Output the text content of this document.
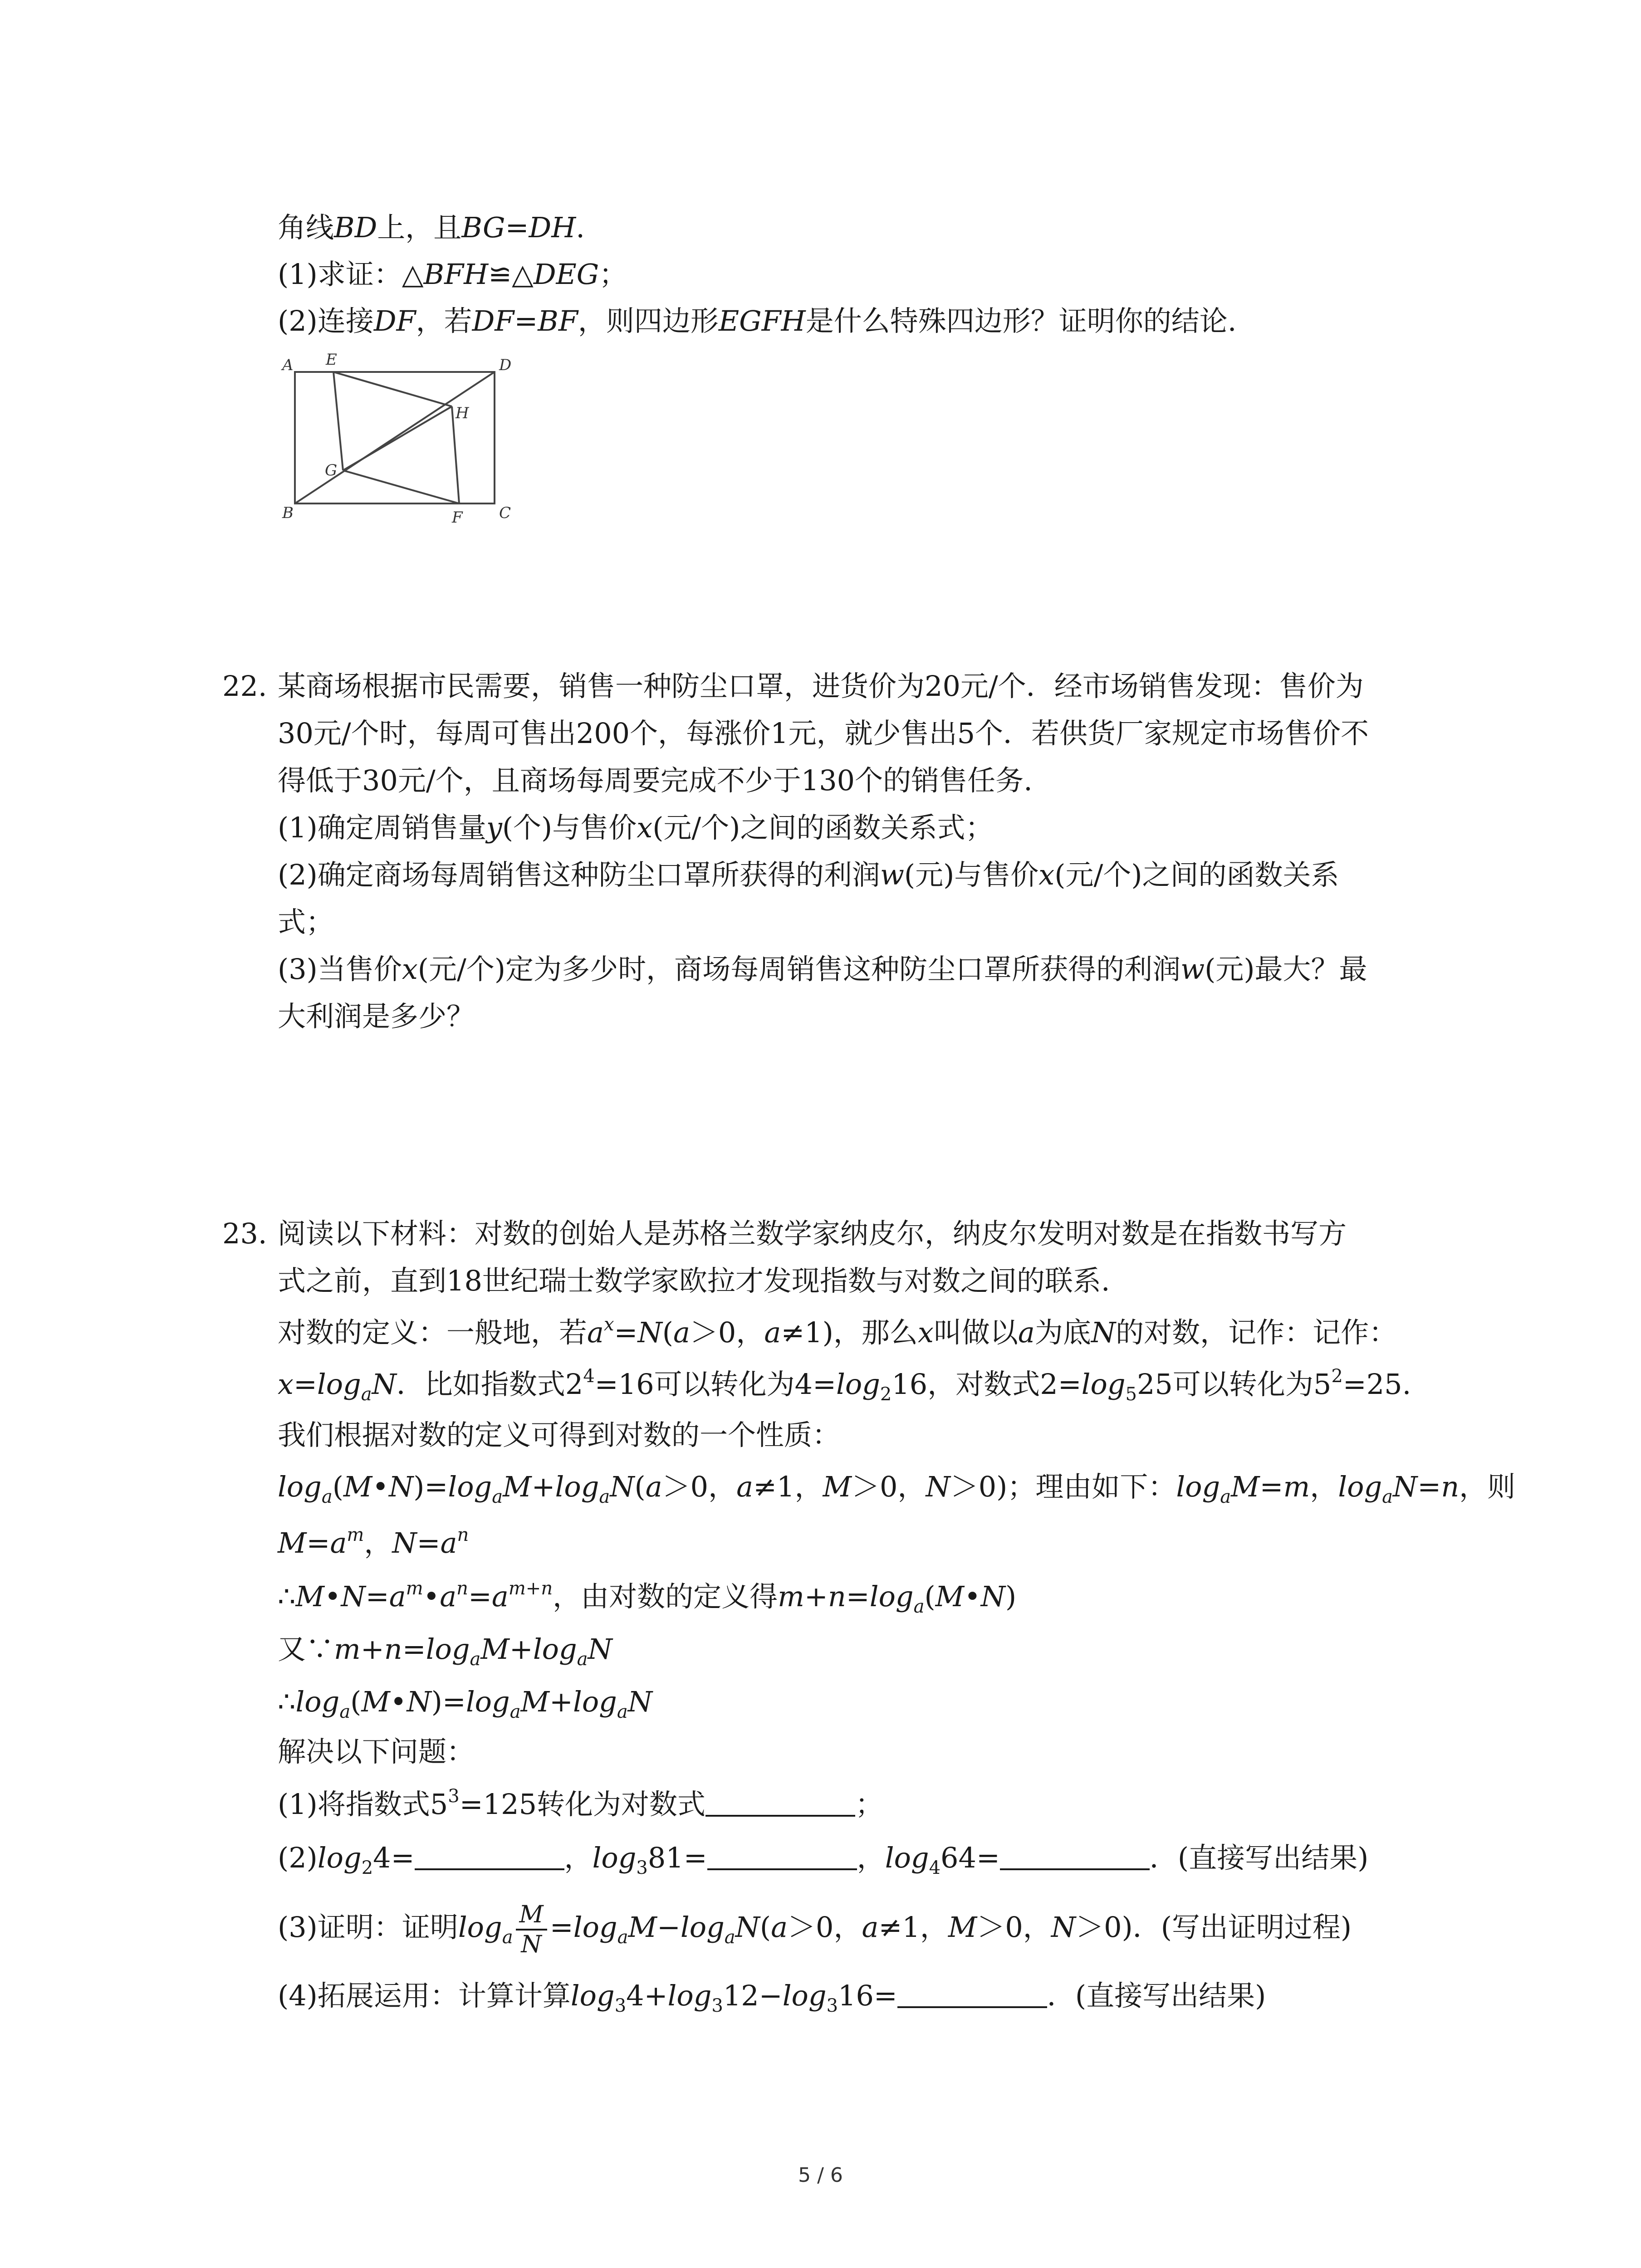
角线BD上，且BG=DH.
(1)求证：△BFH≌△DEG；
(2)连接DF，若DF=BF，则四边形EGFH是什么特殊四边形？证明你的结论.
A E	D
H
G
B	F C
22. 某商场根据市民需要，销售一种防尘口罩，进货价为20元/个．经市场销售发现：售价为
30元/个时，每周可售出200个，每涨价1元，就少售出5个．若供货厂家规定市场售价不
得低于30元/个，且商场每周要完成不少于130个的销售任务.
(1)确定周销售量y(个)与售价x(元/个)之间的函数关系式；
(2)确定商场每周销售这种防尘口罩所获得的利润w(元)与售价x(元/个)之间的函数关系
式；
(3)当售价x(元/个)定为多少时，商场每周销售这种防尘口罩所获得的利润w(元)最大？最
大利润是多少？
23. 阅读以下材料：对数的创始人是苏格兰数学家纳皮尔，纳皮尔发明对数是在指数书写方
式之前，直到18世纪瑞士数学家欧拉才发现指数与对数之间的联系.
对数的定义：一般地，若$a^x=N(a>0$，a≠1)，那么x叫做以a为底N的对数，记作：记作：
$x=\log_aN$．比如指数式$2^4=16$可以转化为$4=\log_216$，对数式$2=\log_525$可以转化为$5^2=25$.
我们根据对数的定义可得到对数的一个性质：
$\log_a(M•N)=\log_aM+\log_aN(a>0$，a≠1，M＞0，N＞0)；理由如下：$\log_aM=m$，$\log_aN=n$，则
$M=a^m$，$N=a^n$
$\therefore M•N=a^m•a^n=a^{m+n}$，由对数的定义得$m+n=\log_a(M•N)$
又$\because m+n=\log_aM+\log_aN$
$\therefore\log_a(M•N)=\log_aM+\log_aN$
解决以下问题：
(1)将指数式$5^3=125$转化为对数式	；
$(2)\log_24=$	，$\log_381=$	，$\log_464=$	．(直接写出结果)
(3)证明：证明$\log_a \frac{M}{N} =\log_aM-\log_aN(a>0$，a≠1，M＞0，N＞0)．(写出证明过程)
(4)拓展运用：计算计算$\log_34+\log_312-\log_316=$	．(直接写出结果)
5 / 6
